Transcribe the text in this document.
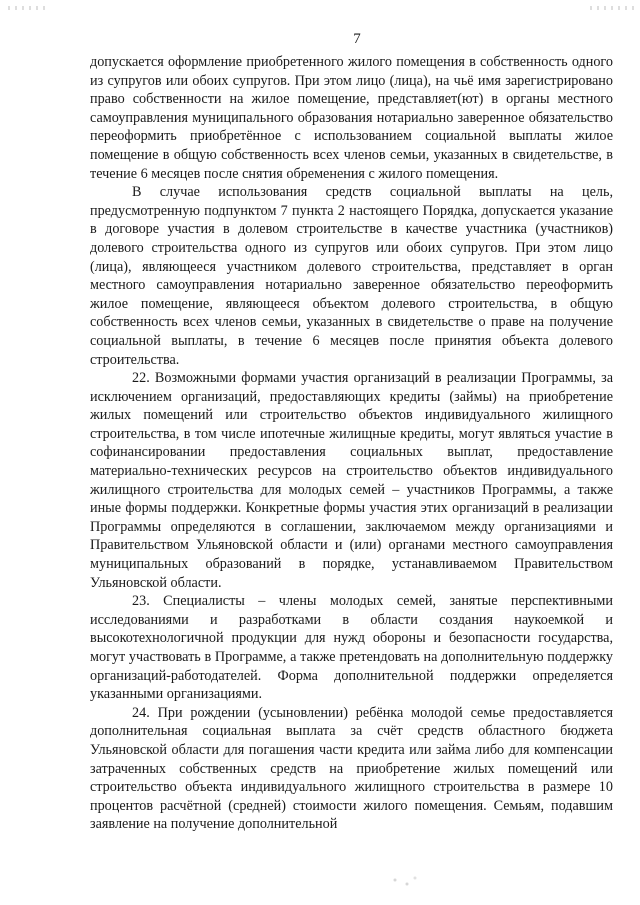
7

допускается оформление приобретенного жилого помещения в собственность одного из супругов или обоих супругов. При этом лицо (лица), на чьё имя зарегистрировано право собственности на жилое помещение, представляет(ют) в органы местного самоуправления муниципального образования нотариально заверенное обязательство переоформить приобретённое с использованием социальной выплаты жилое помещение в общую собственность всех членов семьи, указанных в свидетельстве, в течение 6 месяцев после снятия обременения с жилого помещения.

В случае использования средств социальной выплаты на цель, предусмотренную подпунктом 7 пункта 2 настоящего Порядка, допускается указание в договоре участия в долевом строительстве в качестве участника (участников) долевого строительства одного из супругов или обоих супругов. При этом лицо (лица), являющееся участником долевого строительства, представляет в орган местного самоуправления нотариально заверенное обязательство переоформить жилое помещение, являющееся объектом долевого строительства, в общую собственность всех членов семьи, указанных в свидетельстве о праве на получение социальной выплаты, в течение 6 месяцев после принятия объекта долевого строительства.

22. Возможными формами участия организаций в реализации Программы, за исключением организаций, предоставляющих кредиты (займы) на приобретение жилых помещений или строительство объектов индивидуального жилищного строительства, в том числе ипотечные жилищные кредиты, могут являться участие в софинансировании предоставления социальных выплат, предоставление материально-технических ресурсов на строительство объектов индивидуального жилищного строительства для молодых семей – участников Программы, а также иные формы поддержки. Конкретные формы участия этих организаций в реализации Программы определяются в соглашении, заключаемом между организациями и Правительством Ульяновской области и (или) органами местного самоуправления муниципальных образований в порядке, устанавливаемом Правительством Ульяновской области.

23. Специалисты – члены молодых семей, занятые перспективными исследованиями и разработками в области создания наукоемкой и высокотехнологичной продукции для нужд обороны и безопасности государства, могут участвовать в Программе, а также претендовать на дополнительную поддержку организаций-работодателей. Форма дополнительной поддержки определяется указанными организациями.

24. При рождении (усыновлении) ребёнка молодой семье предоставляется дополнительная социальная выплата за счёт средств областного бюджета Ульяновской области для погашения части кредита или займа либо для компенсации затраченных собственных средств на приобретение жилых помещений или строительство объекта индивидуального жилищного строительства в размере 10 процентов расчётной (средней) стоимости жилого помещения. Семьям, подавшим заявление на получение дополнительной
